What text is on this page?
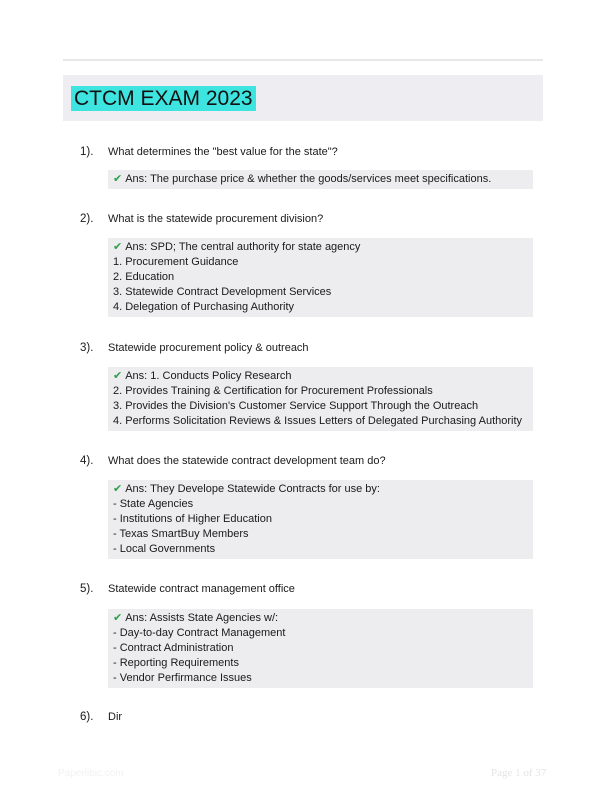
CTCM EXAM 2023
1). What determines the "best value for the state"?
✔ Ans: The purchase price & whether the goods/services meet specifications.
2). What is the statewide procurement division?
✔ Ans: SPD; The central authority for state agency
1. Procurement Guidance
2. Education
3. Statewide Contract Development Services
4. Delegation of Purchasing Authority
3). Statewide procurement policy & outreach
✔ Ans: 1. Conducts Policy Research
2. Provides Training & Certification for Procurement Professionals
3. Provides the Division's Customer Service Support Through the Outreach
4. Performs Solicitation Reviews & Issues Letters of Delegated Purchasing Authority
4). What does the statewide contract development team do?
✔ Ans: They Develope Statewide Contracts for use by:
- State Agencies
- Institutions of Higher Education
- Texas SmartBuy Members
- Local Governments
5). Statewide contract management office
✔ Ans: Assists State Agencies w/:
- Day-to-day Contract Management
- Contract Administration
- Reporting Requirements
- Vendor Perfirmance Issues
6). Dir
Paperlibic.com	Page 1 of 37
